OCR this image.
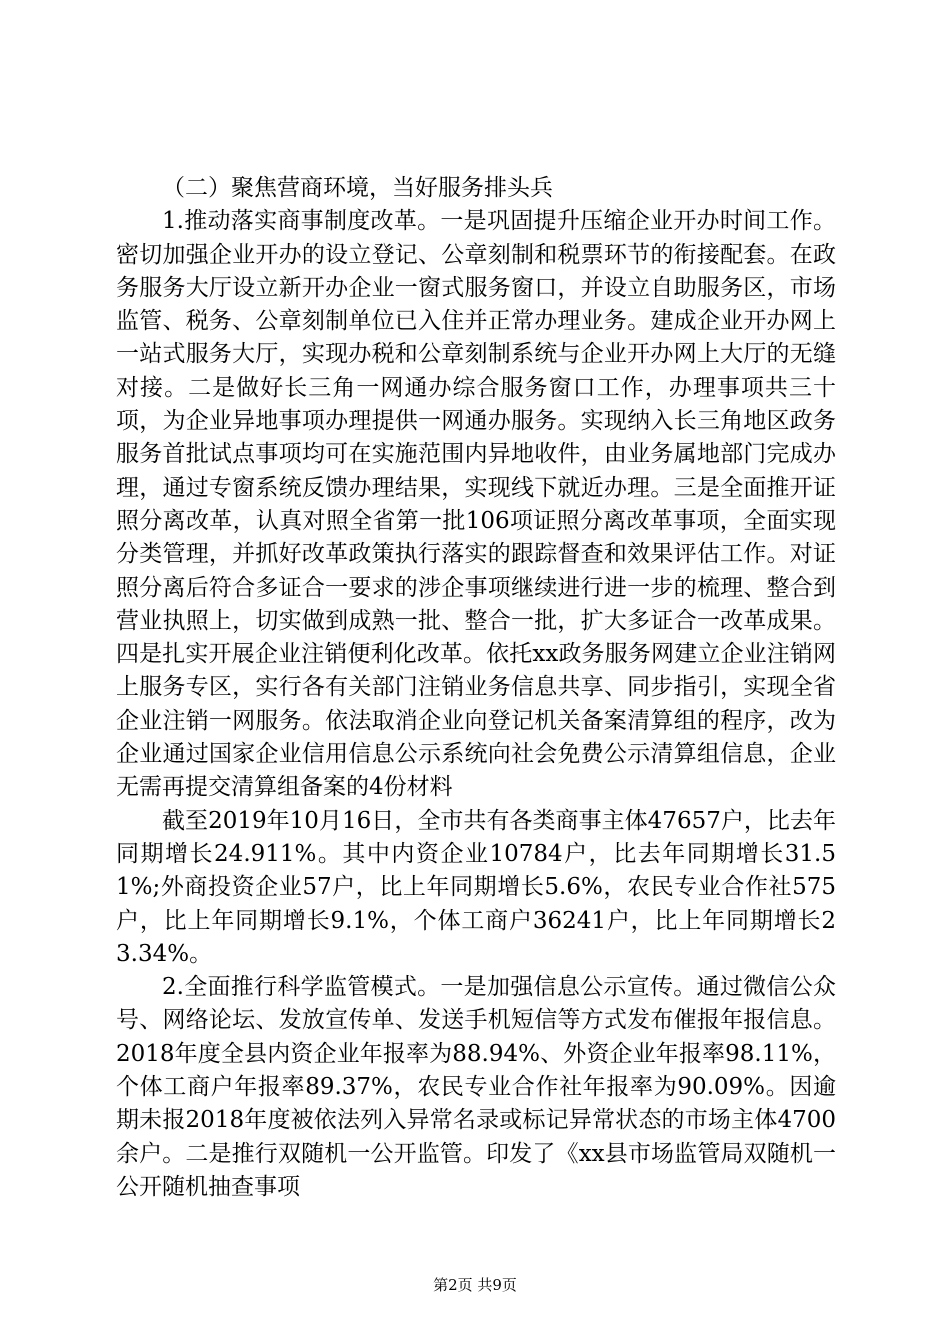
（二）聚焦营商环境，当好服务排头兵

1.推动落实商事制度改革。一是巩固提升压缩企业开办时间工作。密切加强企业开办的设立登记、公章刻制和税票环节的衔接配套。在政务服务大厅设立新开办企业一窗式服务窗口，并设立自助服务区，市场监管、税务、公章刻制单位已入住并正常办理业务。建成企业开办网上一站式服务大厅，实现办税和公章刻制系统与企业开办网上大厅的无缝对接。二是做好长三角一网通办综合服务窗口工作，办理事项共三十项，为企业异地事项办理提供一网通办服务。实现纳入长三角地区政务服务首批试点事项均可在实施范围内异地收件，由业务属地部门完成办理，通过专窗系统反馈办理结果，实现线下就近办理。三是全面推开证照分离改革，认真对照全省第一批106项证照分离改革事项，全面实现分类管理，并抓好改革政策执行落实的跟踪督查和效果评估工作。对证照分离后符合多证合一要求的涉企事项继续进行进一步的梳理、整合到营业执照上，切实做到成熟一批、整合一批，扩大多证合一改革成果。四是扎实开展企业注销便利化改革。依托xx政务服务网建立企业注销网上服务专区，实行各有关部门注销业务信息共享、同步指引，实现全省企业注销一网服务。依法取消企业向登记机关备案清算组的程序，改为企业通过国家企业信用信息公示系统向社会免费公示清算组信息，企业无需再提交清算组备案的4份材料

截至2019年10月16日，全市共有各类商事主体47657户，比去年同期增长24.911%。其中内资企业10784户，比去年同期增长31.51%;外商投资企业57户，比上年同期增长5.6%，农民专业合作社575户，比上年同期增长9.1%，个体工商户36241户，比上年同期增长23.34%。

2.全面推行科学监管模式。一是加强信息公示宣传。通过微信公众号、网络论坛、发放宣传单、发送手机短信等方式发布催报年报信息。2018年度全县内资企业年报率为88.94%、外资企业年报率98.11%，个体工商户年报率89.37%，农民专业合作社年报率为90.09%。因逾期未报2018年度被依法列入异常名录或标记异常状态的市场主体4700余户。二是推行双随机一公开监管。印发了《xx县市场监管局双随机一公开随机抽查事项

第2页 共9页
